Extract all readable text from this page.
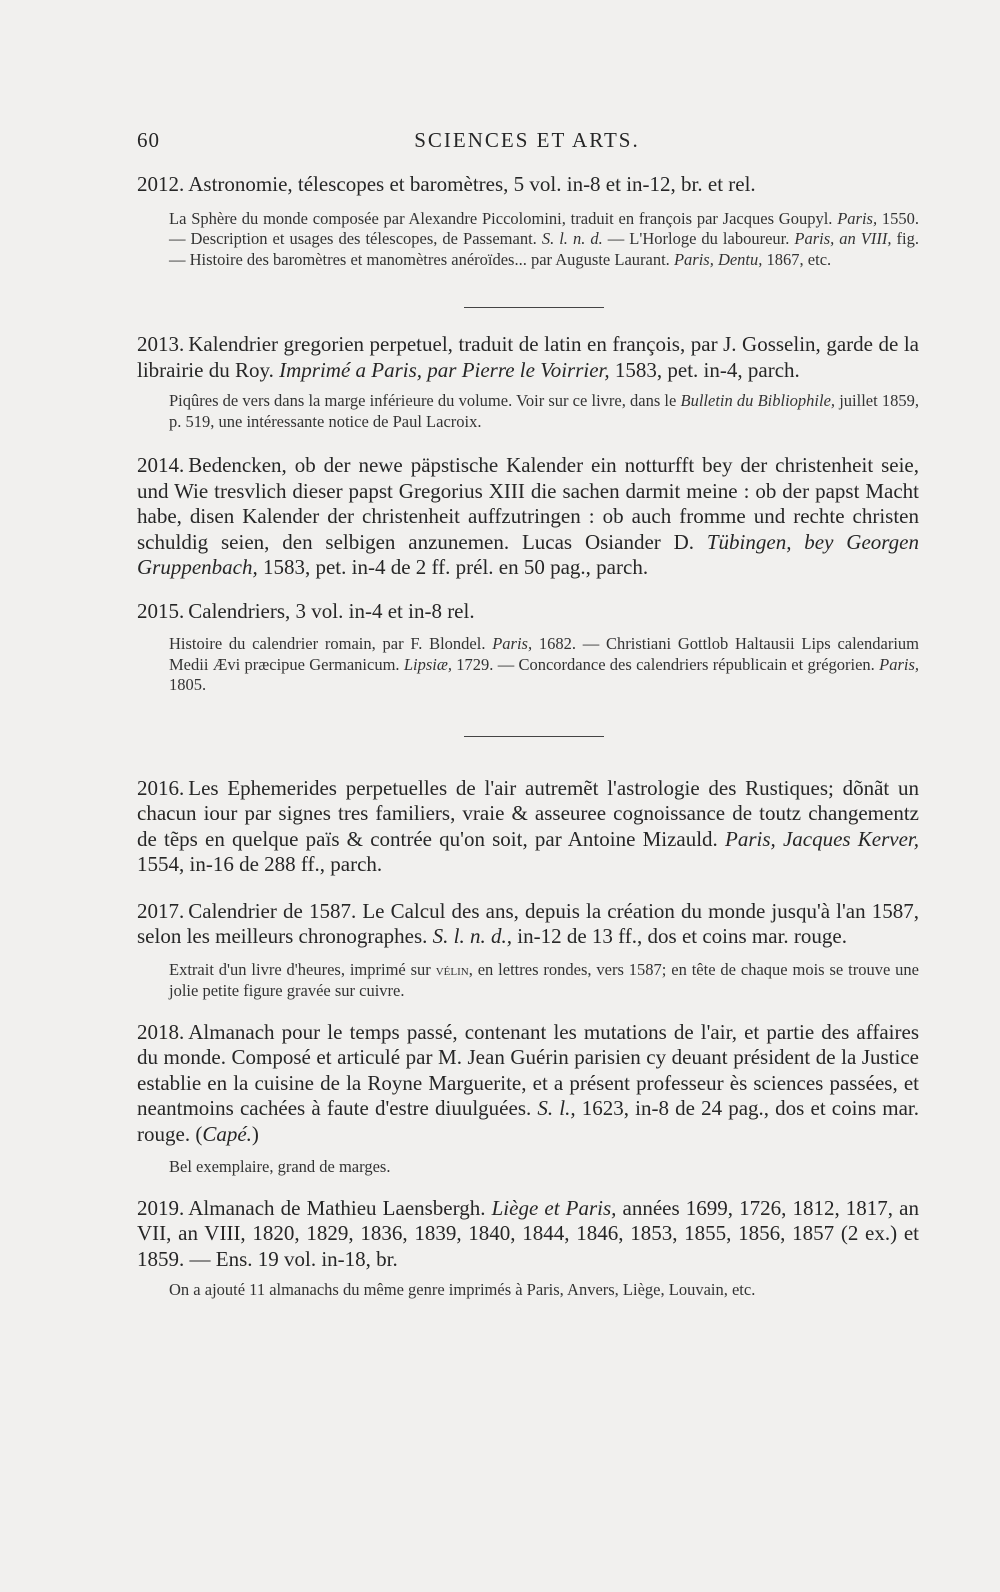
60	SCIENCES ET ARTS.

2012. Astronomie, télescopes et baromètres, 5 vol. in-8 et in-12, br. et rel.

La Sphère du monde composée par Alexandre Piccolomini, traduit en françois par Jacques Goupyl. Paris, 1550. — Description et usages des télescopes, de Passemant. S. l. n. d. — L'Horloge du laboureur. Paris, an VIII, fig. — Histoire des baromètres et manomètres anéroïdes... par Auguste Laurant. Paris, Dentu, 1867, etc.

2013. Kalendrier gregorien perpetuel, traduit de latin en françois, par J. Gosselin, garde de la librairie du Roy. Imprimé a Paris, par Pierre le Voirrier, 1583, pet. in-4, parch.

Piqûres de vers dans la marge inférieure du volume. Voir sur ce livre, dans le Bulletin du Bibliophile, juillet 1859, p. 519, une intéressante notice de Paul Lacroix.

2014. Bedencken, ob der newe päpstische Kalender ein notturfft bey der christenheit seie, und Wie tresvlich dieser papst Gregorius XIII die sachen darmit meine : ob der papst Macht habe, disen Kalender der christenheit auffzutringen : ob auch fromme und rechte christen schuldig seien, den selbigen anzunemen. Lucas Osiander D. Tübingen, bey Georgen Gruppenbach, 1583, pet. in-4 de 2 ff. prél. en 50 pag., parch.

2015. Calendriers, 3 vol. in-4 et in-8 rel.

Histoire du calendrier romain, par F. Blondel. Paris, 1682. — Christiani Gottlob Haltausii Lips calendarium Medii Ævi præcipue Germanicum. Lipsiæ, 1729. — Concordance des calendriers républicain et grégorien. Paris, 1805.

2016. Les Ephemerides perpetuelles de l'air autremẽt l'astrologie des Rustiques; dõnãt un chacun iour par signes tres familiers, vraie & asseuree cognoissance de toutz changementz de tẽps en quelque païs & contrée qu'on soit, par Antoine Mizauld. Paris, Jacques Kerver, 1554, in-16 de 288 ff., parch.

2017. Calendrier de 1587. Le Calcul des ans, depuis la création du monde jusqu'à l'an 1587, selon les meilleurs chronographes. S. l. n. d., in-12 de 13 ff., dos et coins mar. rouge.

Extrait d'un livre d'heures, imprimé sur vélin, en lettres rondes, vers 1587; en tête de chaque mois se trouve une jolie petite figure gravée sur cuivre.

2018. Almanach pour le temps passé, contenant les mutations de l'air, et partie des affaires du monde. Composé et articulé par M. Jean Guérin parisien cy deuant président de la Justice establie en la cuisine de la Royne Marguerite, et a présent professeur ès sciences passées, et neantmoins cachées à faute d'estre diuulguées. S. l., 1623, in-8 de 24 pag., dos et coins mar. rouge. (Capé.)

Bel exemplaire, grand de marges.

2019. Almanach de Mathieu Laensbergh. Liège et Paris, années 1699, 1726, 1812, 1817, an VII, an VIII, 1820, 1829, 1836, 1839, 1840, 1844, 1846, 1853, 1855, 1856, 1857 (2 ex.) et 1859. — Ens. 19 vol. in-18, br.

On a ajouté 11 almanachs du même genre imprimés à Paris, Anvers, Liège, Louvain, etc.
